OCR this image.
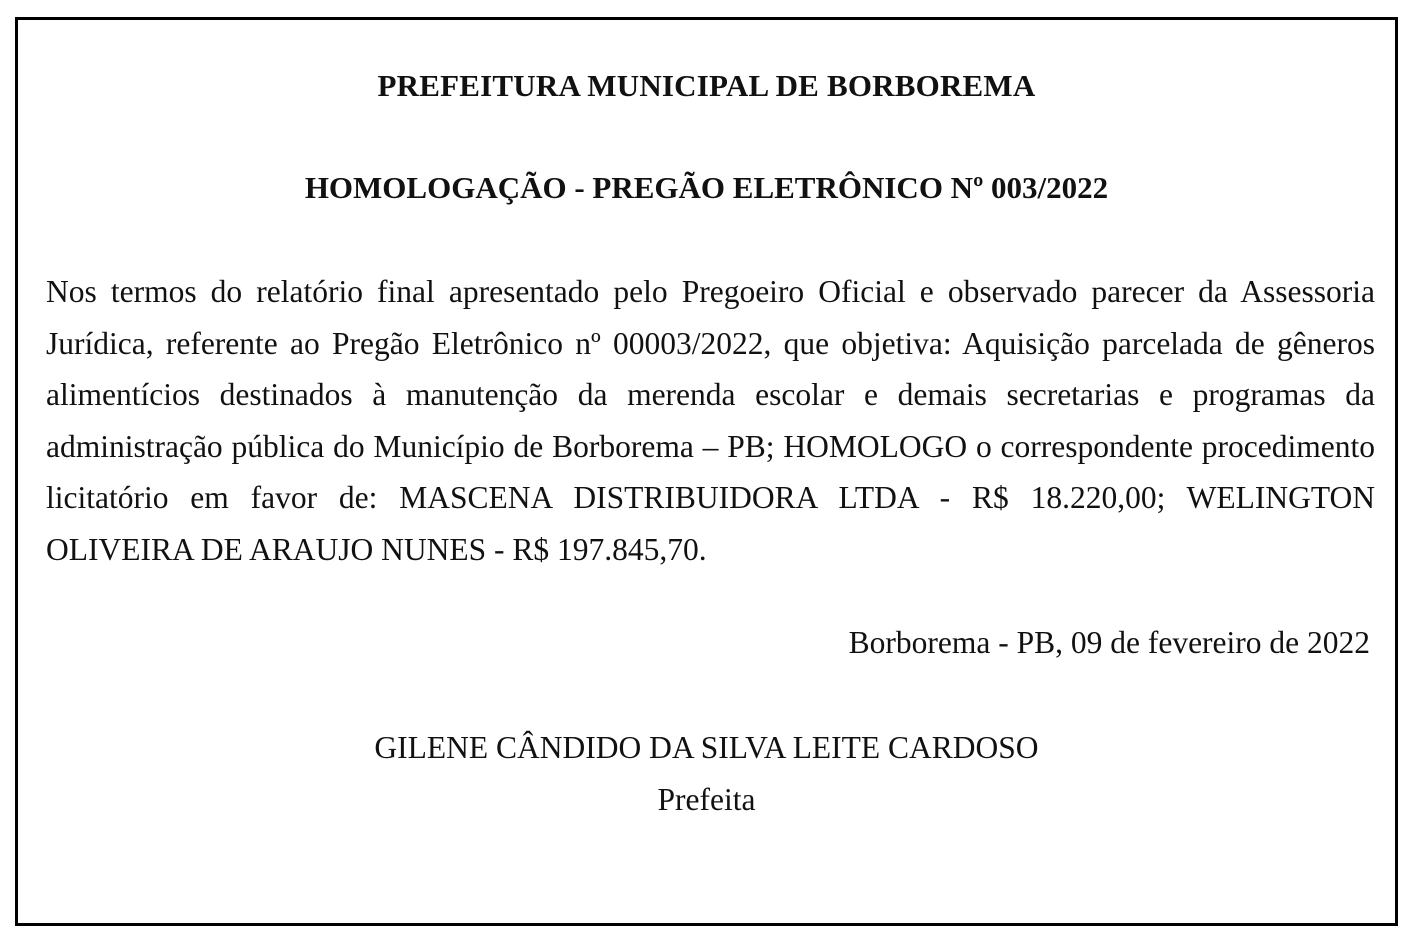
PREFEITURA MUNICIPAL DE BORBOREMA
HOMOLOGAÇÃO - PREGÃO ELETRÔNICO Nº 003/2022

Nos termos do relatório final apresentado pelo Pregoeiro Oficial e observado parecer da Assessoria Jurídica, referente ao Pregão Eletrônico nº 00003/2022, que objetiva: Aquisição parcelada de gêneros alimentícios destinados à manutenção da merenda escolar e demais secretarias e programas da administração pública do Município de Borborema – PB; HOMOLOGO o correspondente procedimento licitatório em favor de: MASCENA DISTRIBUIDORA LTDA - R$ 18.220,00; WELINGTON OLIVEIRA DE ARAUJO NUNES - R$ 197.845,70.

Borborema - PB, 09 de fevereiro de 2022
GILENE CÂNDIDO DA SILVA LEITE CARDOSO
Prefeita
